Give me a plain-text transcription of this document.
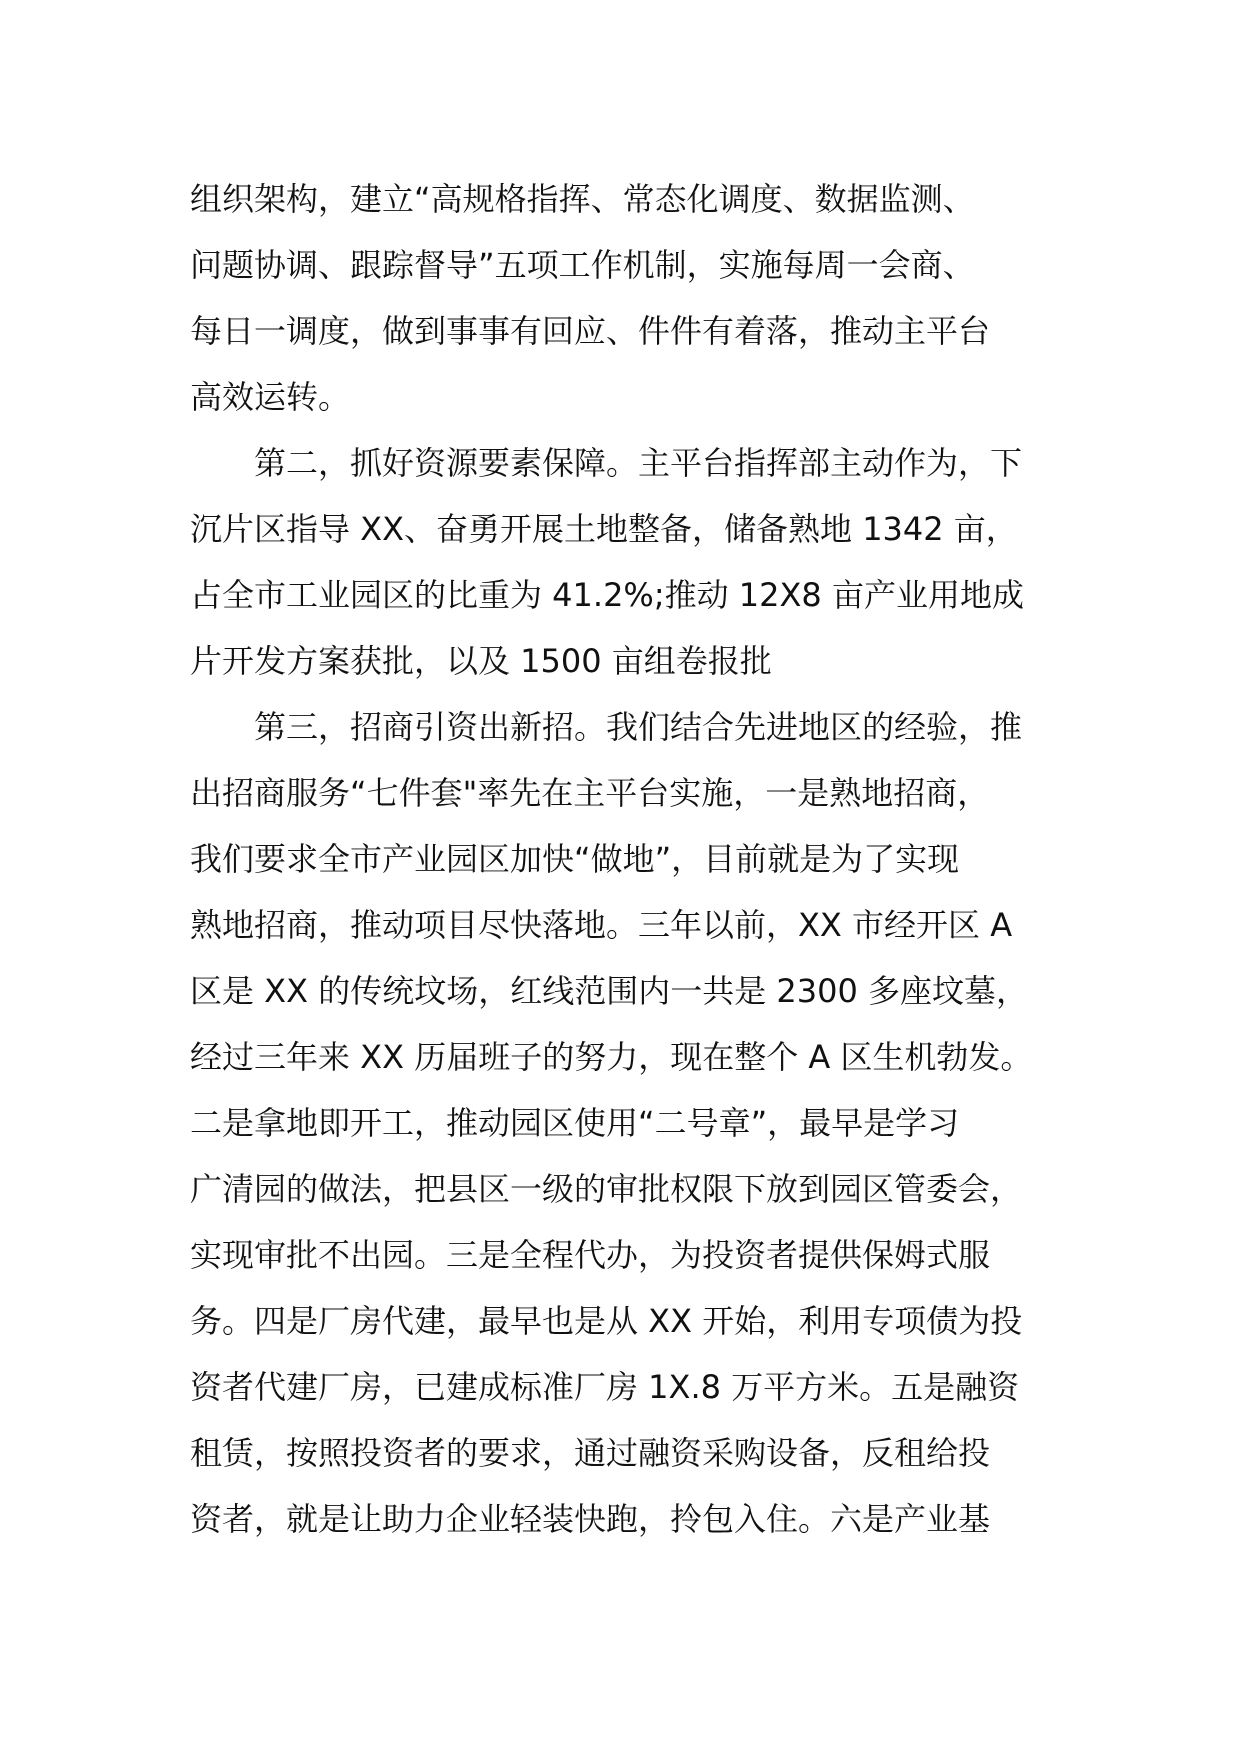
组织架构，建立“高规格指挥、常态化调度、数据监测、
问题协调、跟踪督导”五项工作机制，实施每周一会商、
每日一调度，做到事事有回应、件件有着落，推动主平台
高效运转。
　　第二，抓好资源要素保障。主平台指挥部主动作为，下
沉片区指导 XX、奋勇开展土地整备，储备熟地 1342 亩，
占全市工业园区的比重为 41.2%;推动 12X8 亩产业用地成
片开发方案获批，以及 1500 亩组卷报批
　　第三，招商引资出新招。我们结合先进地区的经验，推
出招商服务“七件套"率先在主平台实施，一是熟地招商，
我们要求全市产业园区加快“做地”，目前就是为了实现
熟地招商，推动项目尽快落地。三年以前，XX 市经开区 A
区是 XX 的传统坟场，红线范围内一共是 2300 多座坟墓，
经过三年来 XX 历届班子的努力，现在整个 A 区生机勃发。
二是拿地即开工，推动园区使用“二号章”，最早是学习
广清园的做法，把县区一级的审批权限下放到园区管委会，
实现审批不出园。三是全程代办，为投资者提供保姆式服
务。四是厂房代建，最早也是从 XX 开始，利用专项债为投
资者代建厂房，已建成标准厂房 1X.8 万平方米。五是融资
租赁，按照投资者的要求，通过融资采购设备，反租给投
资者，就是让助力企业轻装快跑，拎包入住。六是产业基
